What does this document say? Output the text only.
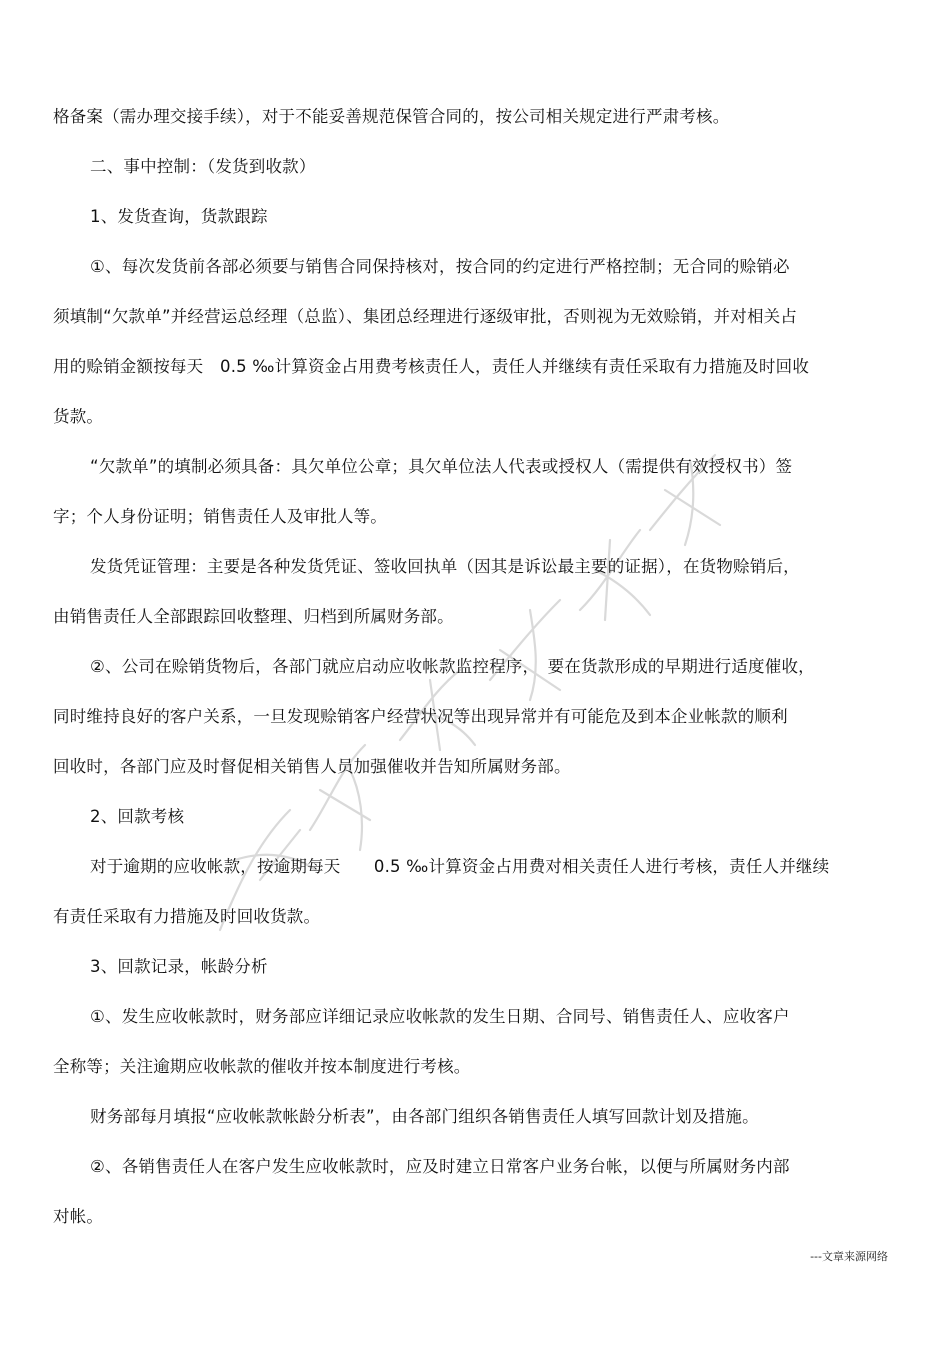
格备案（需办理交接手续），对于不能妥善规范保管合同的，按公司相关规定进行严肃考核。
二、事中控制：（发货到收款）
1、发货查询，货款跟踪
①、每次发货前各部必须要与销售合同保持核对，按合同的约定进行严格控制；无合同的赊销必
须填制“欠款单”并经营运总经理（总监）、集团总经理进行逐级审批，否则视为无效赊销，并对相关占
用的赊销金额按每天　0.5 ‰计算资金占用费考核责任人，责任人并继续有责任采取有力措施及时回收
货款。
“欠款单”的填制必须具备：具欠单位公章；具欠单位法人代表或授权人（需提供有效授权书）签
字；个人身份证明；销售责任人及审批人等。
发货凭证管理：主要是各种发货凭证、签收回执单（因其是诉讼最主要的证据），在货物赊销后，
由销售责任人全部跟踪回收整理、归档到所属财务部。
②、公司在赊销货物后，各部门就应启动应收帐款监控程序，　要在货款形成的早期进行适度催收，
同时维持良好的客户关系，一旦发现赊销客户经营状况等出现异常并有可能危及到本企业帐款的顺利
回收时，各部门应及时督促相关销售人员加强催收并告知所属财务部。
2、回款考核
对于逾期的应收帐款，按逾期每天　　0.5 ‰计算资金占用费对相关责任人进行考核，责任人并继续
有责任采取有力措施及时回收货款。
3、回款记录，帐龄分析
①、发生应收帐款时，财务部应详细记录应收帐款的发生日期、合同号、销售责任人、应收客户
全称等；关注逾期应收帐款的催收并按本制度进行考核。
财务部每月填报“应收帐款帐龄分析表”，由各部门组织各销售责任人填写回款计划及措施。
②、各销售责任人在客户发生应收帐款时，应及时建立日常客户业务台帐，以便与所属财务内部
对帐。
---文章来源网络
